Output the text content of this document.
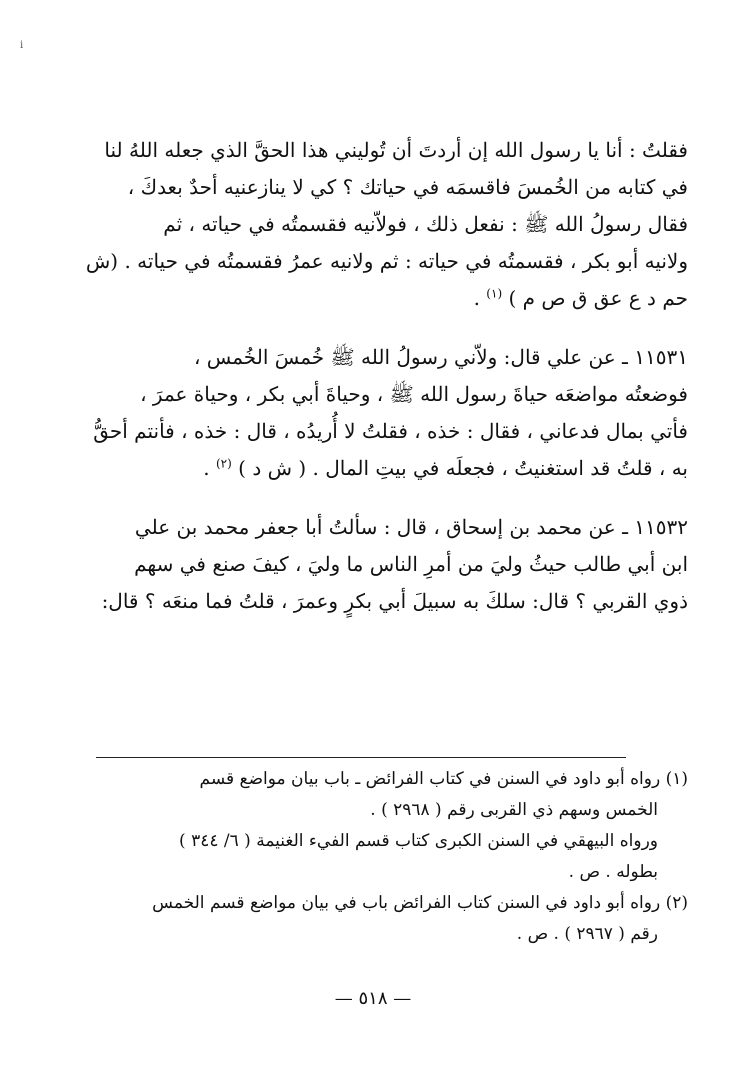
i
فقلتُ : أنا يا رسول الله إن أردتَ أن تُوليني هذا الحقَّ الذي جعله اللهُ لنا
في كتابه من الخُمسَ فاقسمَه في حياتك ؟ كي لا ينازعنيه أحدٌ بعدكَ ،
فقال رسولُ الله ﷺ : نفعل ذلك ، فولاّنيه فقسمتُه في حياته ، ثم
ولانيه أبو بكر ، فقسمتُه في حياته : ثم ولانيه عمرُ فقسمتُه في حياته . (ش
حم د ع عق ق ص م ) $^{(١)}$ .
١١٥٣١ ـ عن علي قال: ولاّني رسولُ الله ﷺ خُمسَ الخُمس ،
فوضعتُه مواضعَه حياةَ رسول الله ﷺ ، وحياةَ أبي بكر ، وحياة عمرَ ،
فأتي بمال فدعاني ، فقال : خذه ، فقلتُ لا أُريدُه ، قال : خذه ، فأنتم أحقُّ
به ، قلتُ قد استغنيتُ ، فجعلَه في بيتِ المال . ( ش د ) $^{(٢)}$ .
١١٥٣٢ ـ عن محمد بن إسحاق ، قال : سألتُ أبا جعفر محمد بن علي
ابن أبي طالب حيثُ وليَ من أمرِ الناس ما وليَ ، كيفَ صنع في سهم
ذوي القربي ؟ قال: سلكَ به سبيلَ أبي بكرٍ وعمرَ ، قلتُ فما منعَه ؟ قال:
(١) رواه أبو داود في السنن في كتاب الفرائض ـ باب بيان مواضع قسم
الخمس وسهم ذي القربى رقم ( ٢٩٦٨ ) .
ورواه البيهقي في السنن الكبرى كتاب قسم الفيء الغنيمة ( ٦/ ٣٤٤ )
بطوله . ص .
(٢) رواه أبو داود في السنن كتاب الفرائض باب في بيان مواضع قسم الخمس
رقم ( ٢٩٦٧ ) . ص .
— ٥١٨ —
